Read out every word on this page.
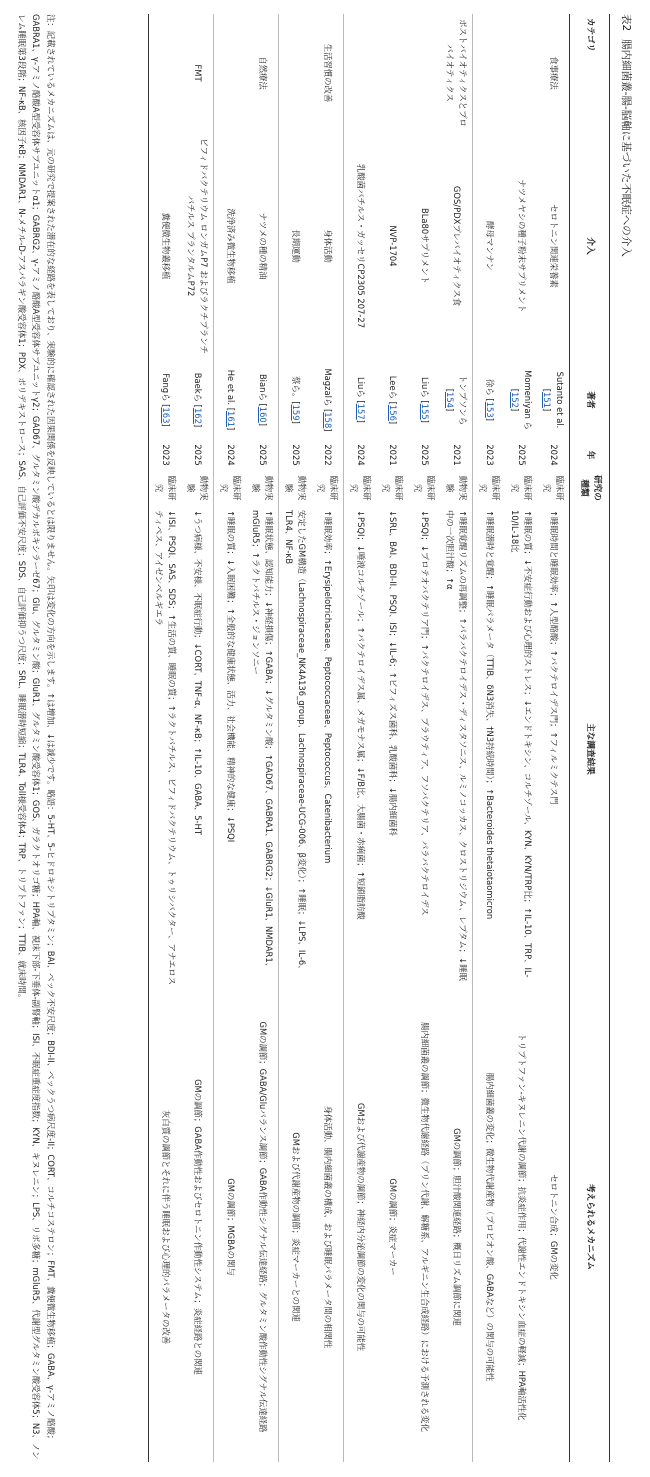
表2腸内細菌叢-腸-脳軸に基づいた不眠症への介入
カテゴリ	介入	著者	年	研究の種類	主な調査結果	考えられるメカニズム
食事療法	セロトニン関連栄養素	Sutanto et al. [151]	2024	臨床研究	↑睡眠時間と睡眠効率；↑人型酪酸；↑バクテロイデス門；↑フィルミクテス門	セロトニン合成；GMの変化
	ナツメヤシの種子粉末サプリメント	Momeniyan ら [152]	2025	臨床研究	↑睡眠の質；↓不安症行動および心理的ストレス；↓エンドトキシン、コルチゾール、KYN、KYN/TRP比；↑IL-10、TRP、IL-10/IL-18比	トリプトファン-キヌレニン代謝の調節；抗炎症作用；代謝性エンドトキシン血症の軽減；HPA軸活性化
	酵母マンナン	徐ら [153]	2023	臨床研究	↑睡眠潜時と覚醒；↑睡眠パラメータ（TTIB、δN3消失、†N3持続時間）；↑Bacteroides thetaiotaomicron	腸内細菌叢の変化；微生物代謝産物（プロピオン酸、GABAなど）の関与の可能性
ポストバイオティクスとプロバイオティクス	GOS/PDXプレバイオティクス食	トンプソンら [154]	2021	動物実験	↑睡眠覚醒リズムの再調整；↑パラバクテロイデス・ディスタソニス、ルミノコッカス、クロストリジウム、レプタム；↓睡眠中の一次胆汁酸；↑α	GMの調節；胆汁酸関連経路；概日リズム調節に関連
	BLa80サプリメント	Liuら [155]	2025	臨床研究	↓PSQI；↓プロテオバクテリア門；↑パクテロイデス、ブラウティア、フソバクテリア、パラバクテロイデス	腸内細菌叢の調節；微生物代謝経路（プリン代謝、解糖系、アルギニン生合成経路）における予測される変化
	NVP-1704	Leeら [156]	2021	臨床研究	↓SRL、BAI、BDI-II、PSQI、ISI；↓IL-6；↑ビフィズス菌科、乳酸菌科；↓腸内細菌科	GMの調節；炎症マーカー
	乳酸菌バチルス・ガッセリCP2305 207-27	Liuら [157]	2024	臨床研究	↓PSQI；↓唾液コルチゾール；↑パクテロイデス属、メガモナス属；↓F/B比、大腸菌・赤痢菌；↑短鎖脂肪酸	GMおよび代謝産物の調節；神経内分泌調節の変化の関与の可能性
生活習慣の改善	身体活動	Magzalら [158]	2022	臨床研究	↑睡眠効率；↑Erysipelotrichaceae、Peptococcaceae、Peptococcus、Catenibacterium	身体活動、腸内細菌叢の構成、および睡眠パラメータ間の相関性
	長期運動	蔡ら。[159]	2025	動物実験	安定したGM構造（Lachnospiraceae_NK4A136_group、Lachnospiraceae-UCG-006、β変化）；↑睡眠；↓LPS、IL-6、TLR4、NF-κB	GMおよび代謝産物の調節；炎症マーカーとの関連
自然療法	ナツメの種の精油	Bianら [160]	2025	動物実験	↑睡眠状態、認知能力；↓神経損傷；↑GABA；↓グルタミン酸；↑GAD67、GABRA1、GABRG2；↓GluR1、NMDAR1、mGluR5；↑ラクトバチルス・ジョンソニー	GMの調節；GABA/Gluバランス調節；GABA作動性シグナル伝達経路；グルタミン酸作動性シグナル伝達経路
	洗浄済み微生物移植	He et al. [161]	2024	臨床研究	↑睡眠の質；↓入眠困難；↑全般的な健康状態、活力、社会機能、精神的な健康；↓PSQI	GMの調節；MGBAの関与
FMT	ビフィドバクテリウム ロンガムP7 およびラクチプランチバチルス プランタルムP72	Baekら [162]	2025	動物実験	↓うつ病様、不安様、不眠症行動；↓CORT、TNF-α、NF-κB；↑IL-10、GABA、5-HT	GMの調節；GABA作動性およびセロトニン作動性システム；炎症経路との関連
	糞便微生物叢移植	Fangら [163]	2023	臨床研究	↓ISI、PSQI、SAS、SDS；↑生活の質、睡眠の質；↑ラクトバチルス、ビフィドバクテリウム、トゥリシバクター、アナエロスティペス、アイゼンベルギエラ	灰白質の調節とそれに伴う睡眠および心理的パラメータの改善
注：記載されているメカニズムは、元の研究で提案された潜在的な経路を表しており、実験的に確認された因果関係を反映しているとは限りません。矢印は変化の方向を示します。↑は増加、↓は減少です。略語：5-HT、5-ヒドロキシトリプタミン；BAI、ベック不安尺度；BDI-II、ベックうつ病尺度-II；CORT、コルチコステロン；FMT、糞便微生物移植；GABA、γ-アミノ酪酸；GABRA1、γ-アミノ酪酸A型受容体サブユニットα1；GABRG2、γ-アミノ酪酸A型受容体サブユニットγ2；GAD67、グルタミン酸デカルボキシラーゼ67；Glu、グルタミン酸；GluR1、グルタミン酸受容体1；GOS、ガラクトオリゴ糖；HPA軸、視床下部-下垂体-副腎軸；ISI、不眠症重症度指数；KYN、キヌレニン；LPS、リポ多糖；mGluR5、代謝型グルタミン酸受容体5；N3、ノンレム睡眠第3段階；NF-κB、核因子κB；NMDAR1、N-メチル-D-アスパラギン酸受容体1；PDX、ポリデキストロース；SAS、自己評価不安尺度；SDS、自己評価抑うつ尺度；SRL、睡眠潜時短縮；TLR4、Toll様受容体4；TRP、トリプトファン；TTIB、就床時間。
